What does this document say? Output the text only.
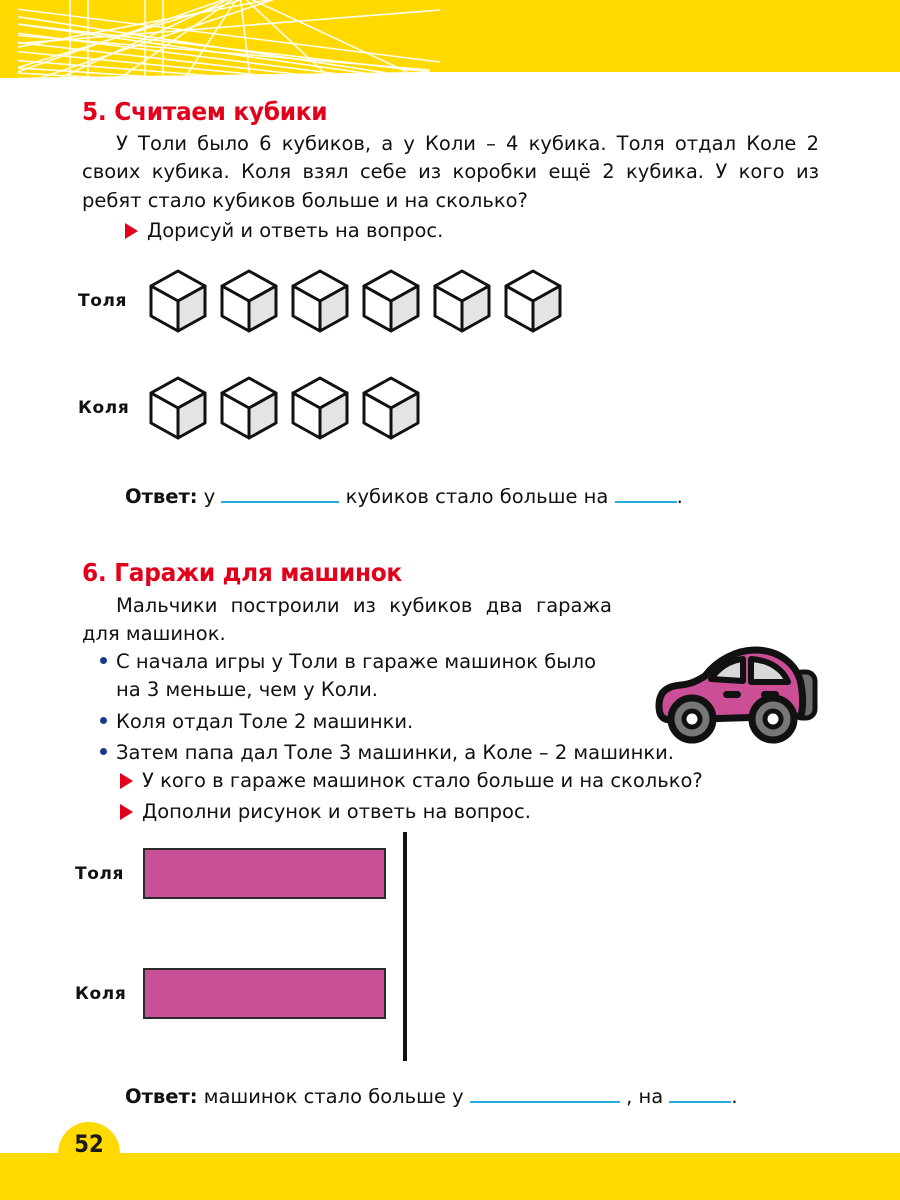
5. Считаем кубики

У Толи было 6 кубиков, а у Коли – 4 кубика. Толя отдал Коле 2 своих кубика. Коля взял себе из коробки ещё 2 кубика. У кого из ребят стало кубиков больше и на сколько?

Дорисуй и ответь на вопрос.
Толя
Коля
Ответ: у	кубиков стало больше на	.
6. Гаражи для машинок

Мальчики построили из кубиков два гаража для машинок.

С начала игры у Толи в гараже машинок было на 3 меньше, чем у Коли.
Коля отдал Толе 2 машинки.
Затем папа дал Толе 3 машинки, а Коле – 2 машинки.
У кого в гараже машинок стало больше и на сколько?
Дополни рисунок и ответь на вопрос.
Толя
Коля
Ответ: машинок стало больше у	, на	.
52
